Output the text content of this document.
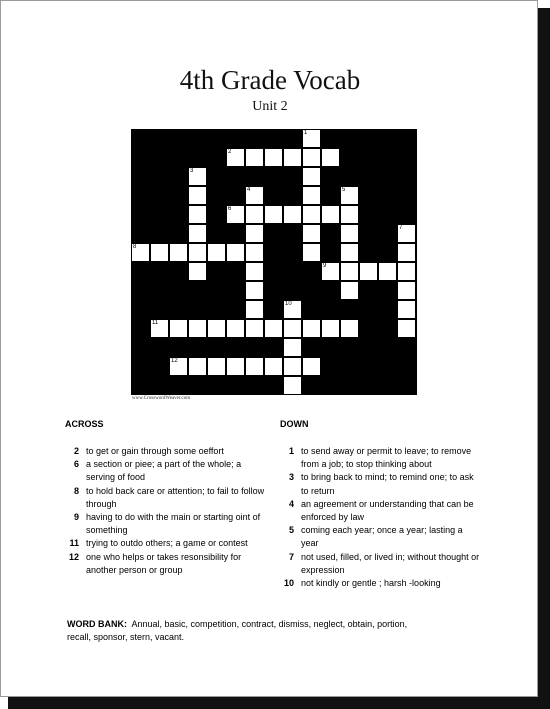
4th Grade Vocab
Unit 2
1
2
3
4	5
6
7
8
9
10
11
12
www.CrosswordWeaver.com
ACROSS	DOWN
2 to get or gain through some oeffort
6 a section or piee; a part of the whole; a serving of food
8 to hold back care or attention; to fail to follow through
9 having to do with the main or starting oint of something
11 trying to outdo others; a game or contest
12 one who helps or takes resonsibility for another person or group
1 to send away or permit to leave; to remove from a job; to stop thinking about
3 to bring back to mind; to remind one; to ask to return
4 an agreement or understanding that can be enforced by law
5 coming each year; once a year; lasting a year
7 not used, filled, or lived in; without thought or expression
10 not kindly or gentle ; harsh -looking
WORD BANK: Annual, basic, competition, contract, dismiss, neglect, obtain, portion, recall, sponsor, stern, vacant.
